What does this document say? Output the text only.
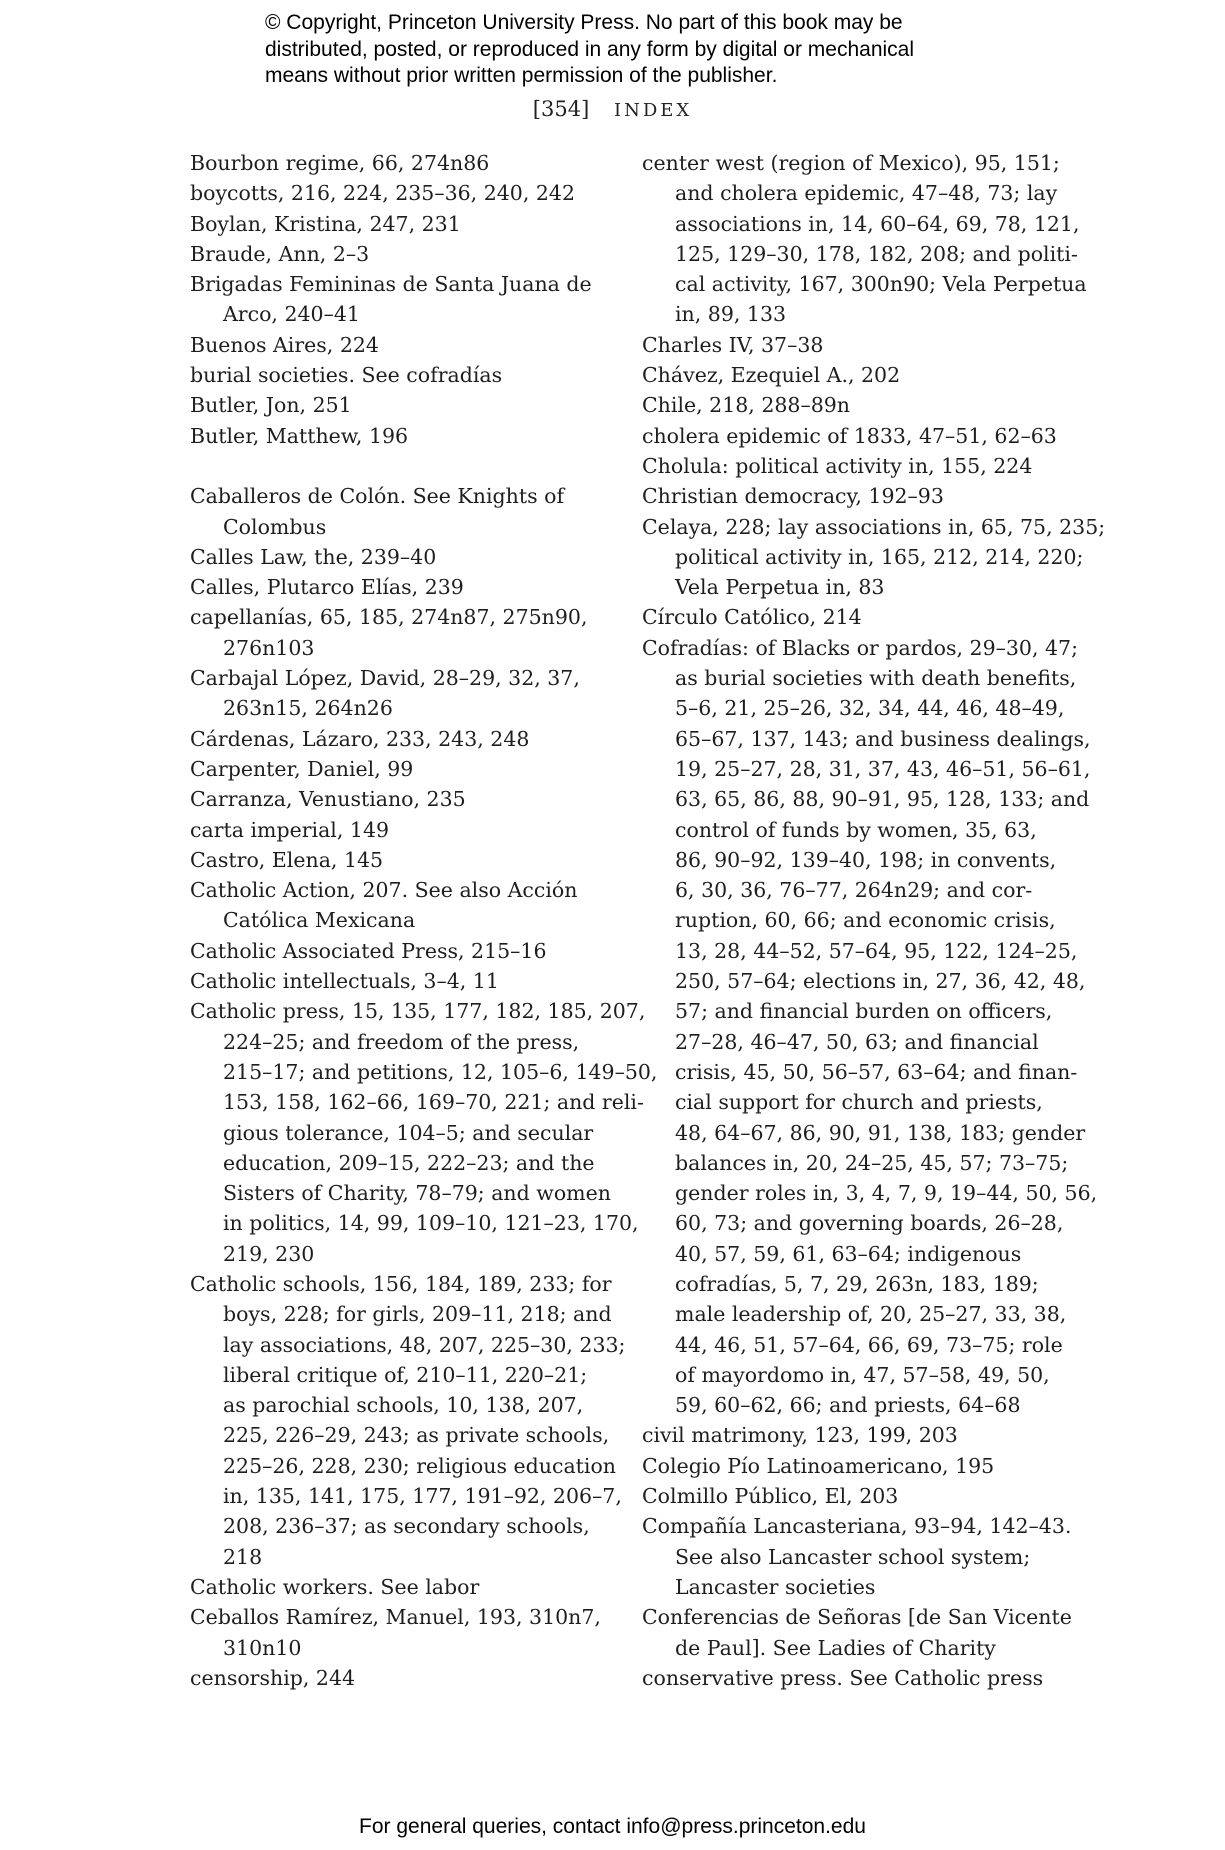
© Copyright, Princeton University Press. No part of this book may be
distributed, posted, or reproduced in any form by digital or mechanical
means without prior written permission of the publisher.
[354] INDEX
Bourbon regime, 66, 274n86
boycotts, 216, 224, 235–36, 240, 242
Boylan, Kristina, 247, 231
Braude, Ann, 2–3
Brigadas Femininas de Santa Juana de
Arco, 240–41
Buenos Aires, 224
burial societies. See cofradías
Butler, Jon, 251
Butler, Matthew, 196
Caballeros de Colón. See Knights of
Colombus
Calles Law, the, 239–40
Calles, Plutarco Elías, 239
capellanías, 65, 185, 274n87, 275n90,
276n103
Carbajal López, David, 28–29, 32, 37,
263n15, 264n26
Cárdenas, Lázaro, 233, 243, 248
Carpenter, Daniel, 99
Carranza, Venustiano, 235
carta imperial, 149
Castro, Elena, 145
Catholic Action, 207. See also Acción
Católica Mexicana
Catholic Associated Press, 215–16
Catholic intellectuals, 3–4, 11
Catholic press, 15, 135, 177, 182, 185, 207,
224–25; and freedom of the press,
215–17; and petitions, 12, 105–6, 149–50,
153, 158, 162–66, 169–70, 221; and reli-
gious tolerance, 104–5; and secular
education, 209–15, 222–23; and the
Sisters of Charity, 78–79; and women
in politics, 14, 99, 109–10, 121–23, 170,
219, 230
Catholic schools, 156, 184, 189, 233; for
boys, 228; for girls, 209–11, 218; and
lay associations, 48, 207, 225–30, 233;
liberal critique of, 210–11, 220–21;
as parochial schools, 10, 138, 207,
225, 226–29, 243; as private schools,
225–26, 228, 230; religious education
in, 135, 141, 175, 177, 191–92, 206–7,
208, 236–37; as secondary schools,
218
Catholic workers. See labor
Ceballos Ramírez, Manuel, 193, 310n7,
310n10
censorship, 244
center west (region of Mexico), 95, 151;
and cholera epidemic, 47–48, 73; lay
associations in, 14, 60–64, 69, 78, 121,
125, 129–30, 178, 182, 208; and politi-
cal activity, 167, 300n90; Vela Perpetua
in, 89, 133
Charles IV, 37–38
Chávez, Ezequiel A., 202
Chile, 218, 288–89n
cholera epidemic of 1833, 47–51, 62–63
Cholula: political activity in, 155, 224
Christian democracy, 192–93
Celaya, 228; lay associations in, 65, 75, 235;
political activity in, 165, 212, 214, 220;
Vela Perpetua in, 83
Círculo Católico, 214
Cofradías: of Blacks or pardos, 29–30, 47;
as burial societies with death benefits,
5–6, 21, 25–26, 32, 34, 44, 46, 48–49,
65–67, 137, 143; and business dealings,
19, 25–27, 28, 31, 37, 43, 46–51, 56–61,
63, 65, 86, 88, 90–91, 95, 128, 133; and
control of funds by women, 35, 63,
86, 90–92, 139–40, 198; in convents,
6, 30, 36, 76–77, 264n29; and cor-
ruption, 60, 66; and economic crisis,
13, 28, 44–52, 57–64, 95, 122, 124–25,
250, 57–64; elections in, 27, 36, 42, 48,
57; and financial burden on officers,
27–28, 46–47, 50, 63; and financial
crisis, 45, 50, 56–57, 63–64; and finan-
cial support for church and priests,
48, 64–67, 86, 90, 91, 138, 183; gender
balances in, 20, 24–25, 45, 57; 73–75;
gender roles in, 3, 4, 7, 9, 19–44, 50, 56,
60, 73; and governing boards, 26–28,
40, 57, 59, 61, 63–64; indigenous
cofradías, 5, 7, 29, 263n, 183, 189;
male leadership of, 20, 25–27, 33, 38,
44, 46, 51, 57–64, 66, 69, 73–75; role
of mayordomo in, 47, 57–58, 49, 50,
59, 60–62, 66; and priests, 64–68
civil matrimony, 123, 199, 203
Colegio Pío Latinoamericano, 195
Colmillo Público, El, 203
Compañía Lancasteriana, 93–94, 142–43.
See also Lancaster school system;
Lancaster societies
Conferencias de Señoras [de San Vicente
de Paul]. See Ladies of Charity
conservative press. See Catholic press
For general queries, contact info@press.princeton.edu
